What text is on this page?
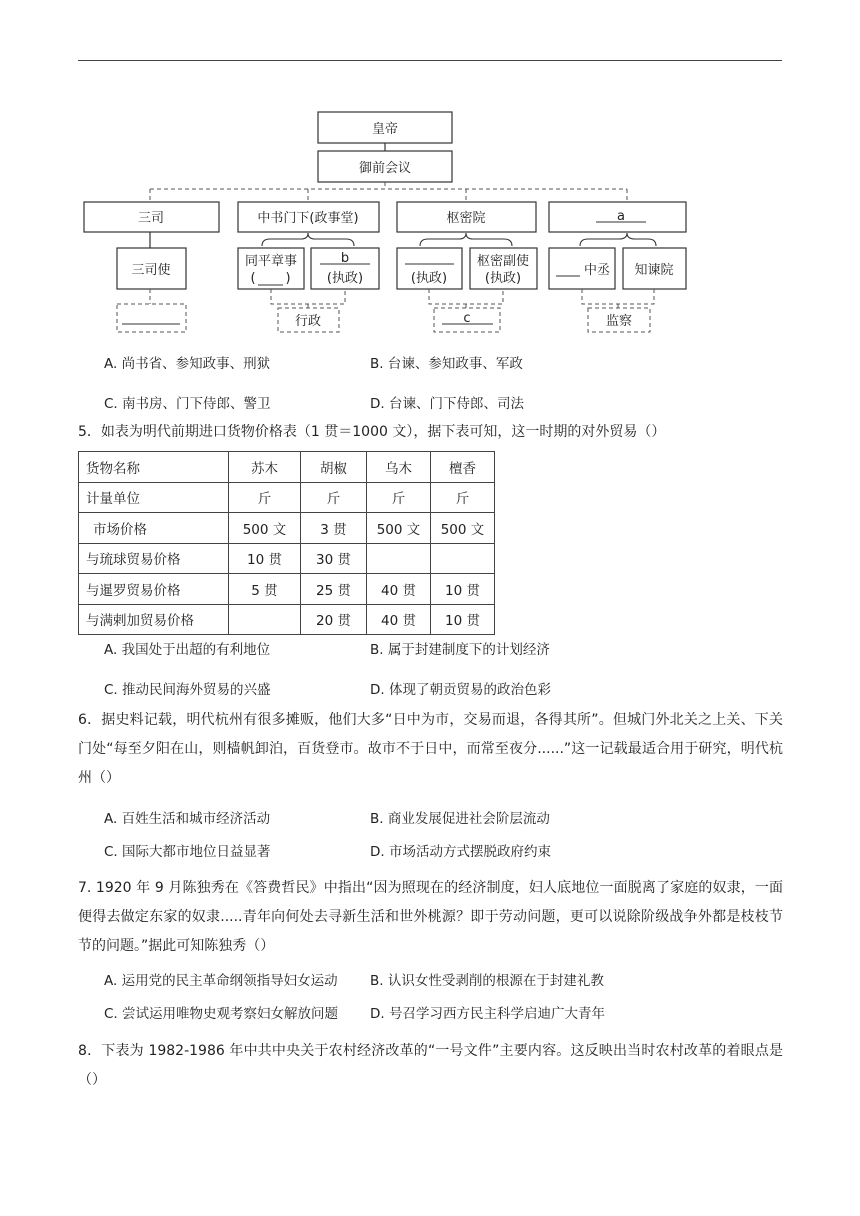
皇帝
御前会议
三司	中书门下(政事堂)	枢密院	a
三司使
同平章事
( )
b
(执政)	(执政)
枢密副使
(执政)
中丞 知谏院
行政	c	监察
A. 尚书省、参知政事、刑狱	B. 台谏、参知政事、军政
C. 南书房、门下侍郎、警卫	D. 台谏、门下侍郎、司法
5．如表为明代前期进口货物价格表（1 贯＝1000 文），据下表可知，这一时期的对外贸易（）
货物名称	苏木	胡椒	乌木	檀香
计量单位	斤	斤	斤	斤
市场价格	500 文	3 贯	500 文	500 文
与琉球贸易价格	10 贯	30 贯		
与暹罗贸易价格	5 贯	25 贯	40 贯	10 贯
与满剌加贸易价格		20 贯	40 贯	10 贯
A. 我国处于出超的有利地位	B. 属于封建制度下的计划经济
C. 推动民间海外贸易的兴盛	D. 体现了朝贡贸易的政治色彩
6．据史料记载，明代杭州有很多摊贩，他们大多“日中为市，交易而退，各得其所”。但城门外北关之上关、下关门处“每至夕阳在山，则樯帆卸泊，百货登市。故市不于日中，而常至夜分......”这一记载最适合用于研究，明代杭州（）
A. 百姓生活和城市经济活动	B. 商业发展促进社会阶层流动
C. 国际大都市地位日益显著	D. 市场活动方式摆脱政府约束
7. 1920 年 9 月陈独秀在《答费哲民》中指出“因为照现在的经济制度，妇人底地位一面脱离了家庭的奴隶，一面便得去做定东家的奴隶.....青年向何处去寻新生活和世外桃源？即于劳动问题，更可以说除阶级战争外都是枝枝节节的问题。”据此可知陈独秀（）
A. 运用党的民主革命纲领指导妇女运动 B. 认识女性受剥削的根源在于封建礼教
C. 尝试运用唯物史观考察妇女解放问题 D. 号召学习西方民主科学启迪广大青年
8．下表为 1982-1986 年中共中央关于农村经济改革的“一号文件”主要内容。这反映出当时农村改革的着眼点是（）
